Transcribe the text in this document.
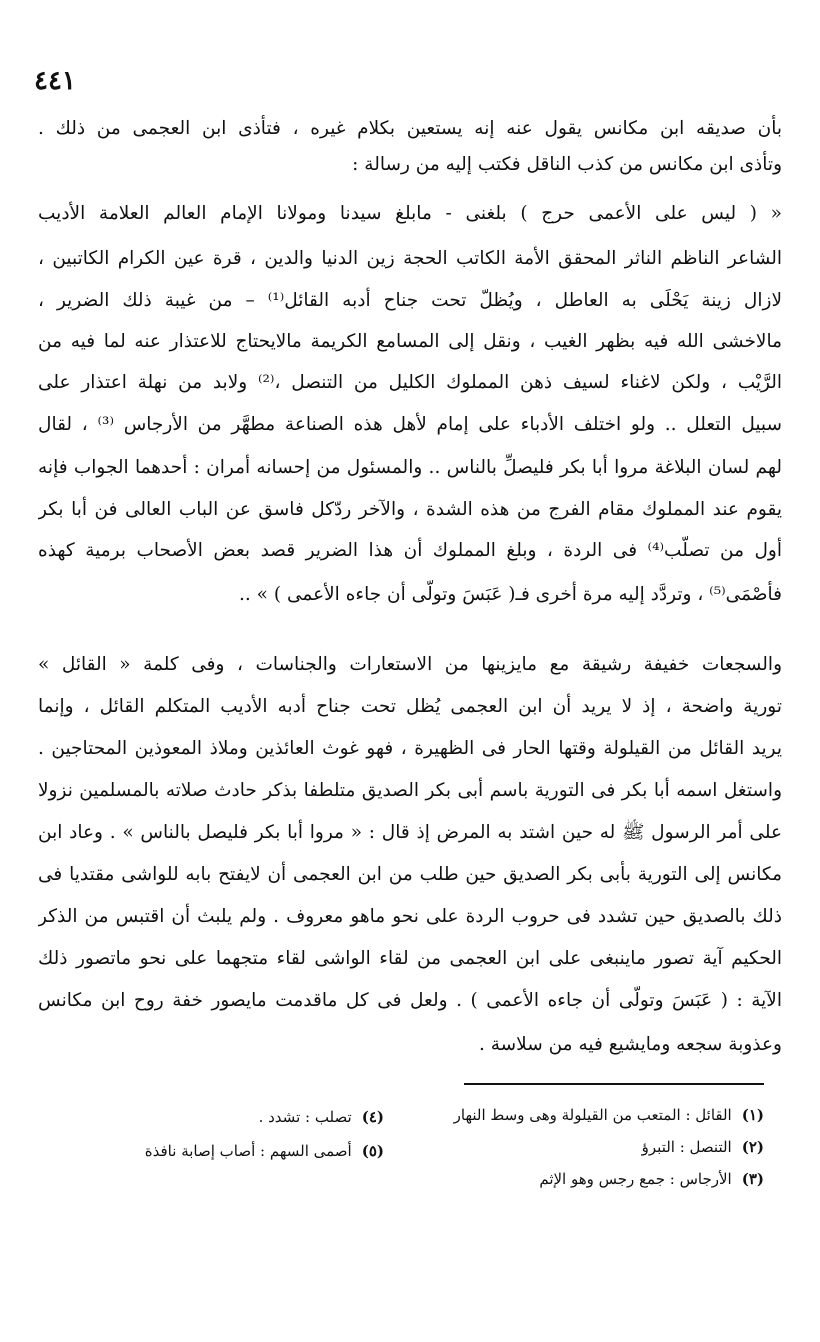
٤٤١
بأن صديقه ابن مكانس يقول عنه إنه يستعين بكلام غيره ، فتأذى ابن العجمى من ذلك .
وتأذى ابن مكانس من كذب الناقل فكتب إليه من رسالة :
« ( ليس على الأعمى حرج ) بلغنى - مابلغ سيدنا ومولانا الإمام العالم العلامة الأديب
الشاعر الناظم الناثر المحقق الأمة الكاتب الحجة زين الدنيا والدين ، قرة عين الكرام الكاتبين ،
لازال زينة يَحْلَى به العاطل ، ويُظلّ تحت جناح أدبه القائل⁽¹⁾ – من غيبة ذلك الضرير ،
مالاخشى الله فيه بظهر الغيب ، ونقل إلى المسامع الكريمة مالايحتاج للاعتذار عنه لما فيه من
الرَّيْب ، ولكن لاغناء لسيف ذهن المملوك الكليل من التنصل ،⁽²⁾ ولابد من نهلة اعتذار على
سبيل التعلل .. ولو اختلف الأدباء على إمام لأهل هذه الصناعة مطهَّر من الأرجاس ⁽³⁾ ، لقال
لهم لسان البلاغة مروا أبا بكر فليصلِّ بالناس .. والمسئول من إحسانه أمران : أحدهما الجواب فإنه
يقوم عند المملوك مقام الفرج من هذه الشدة ، والآخر ردّكل فاسق عن الباب العالى فن أبا بكر
أول من تصلَّب⁽⁴⁾ فى الردة ، وبلغ المملوك أن هذا الضرير قصد بعض الأصحاب برمية كهذه
فأَصْمَى⁽⁵⁾ ، وتردَّد إليه مرة أخرى فـ( عَبَسَ وتولّى أن جاءه الأعمى ) » ..
والسجعات خفيفة رشيقة مع مايزينها من الاستعارات والجناسات ، وفى كلمة « القائل »
تورية واضحة ، إذ لا يريد أن ابن العجمى يُظل تحت جناح أدبه الأديب المتكلم القائل ، وإنما
يريد القائل من القيلولة وقتها الحار فى الظهيرة ، فهو غوث العائذين وملاذ المعوذين المحتاجين .
واستغل اسمه أبا بكر فى التورية باسم أبى بكر الصديق متلطفا بذكر حادث صلاته بالمسلمين نزولا
على أمر الرسول ﷺ له حين اشتد به المرض إذ قال : « مروا أبا بكر فليصل بالناس » . وعاد ابن
مكانس إلى التورية بأبى بكر الصديق حين طلب من ابن العجمى أن لايفتح بابه للواشى مقتديا فى
ذلك بالصديق حين تشدد فى حروب الردة على نحو ماهو معروف . ولم يلبث أن اقتبس من الذكر
الحكيم آية تصور ماينبغى على ابن العجمى من لقاء الواشى لقاء متجهما على نحو ماتصور ذلك
الآية : ( عَبَسَ وتولّى أن جاءه الأعمى ) . ولعل فى كل ماقدمت مايصور خفة روح ابن مكانس
وعذوبة سجعه ومايشيع فيه من سلاسة .
(١)القائل : المتعب من القيلولة وهى وسط النهار
(٢)التنصل : التبرؤ
(٣)الأرجاس : جمع رجس وهو الإثم
(٤)تصلب : تشدد .
(٥)أصمى السهم : أصاب إصابة نافذة
